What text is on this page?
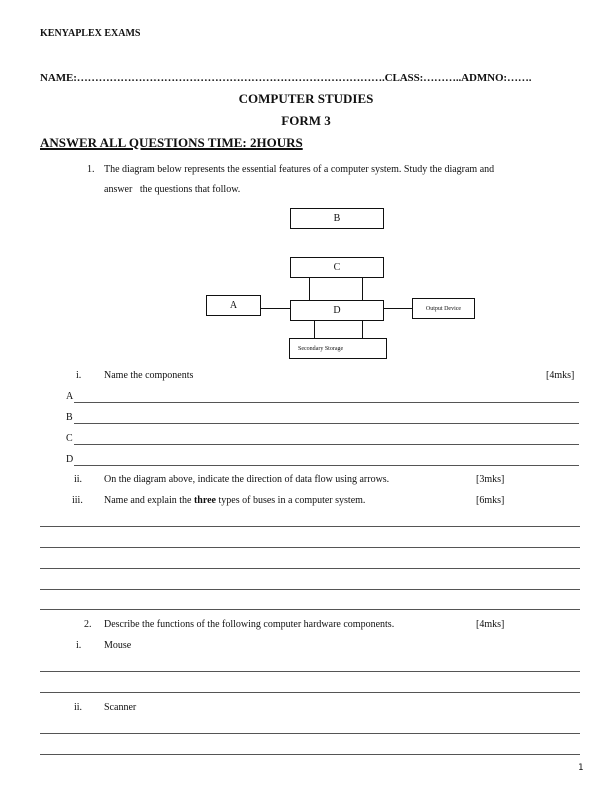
KENYAPLEX EXAMS
NAME:………………………………………………………………………….CLASS:………..ADMNO:…….
COMPUTER STUDIES
FORM 3
ANSWER ALL QUESTIONS TIME: 2HOURS
1. The diagram below represents the essential features of a computer system. Study the diagram and
answer   the questions that follow.
B
C
A	D	Output Device
Secondary Storage
i. Name the components	[4mks]
A
B
C
D
ii. On the diagram above, indicate the direction of data flow using arrows.	[3mks]
iii. Name and explain the three types of buses in a computer system.	[6mks]
2. Describe the functions of the following computer hardware components.	[4mks]
i. Mouse
ii. Scanner
1
